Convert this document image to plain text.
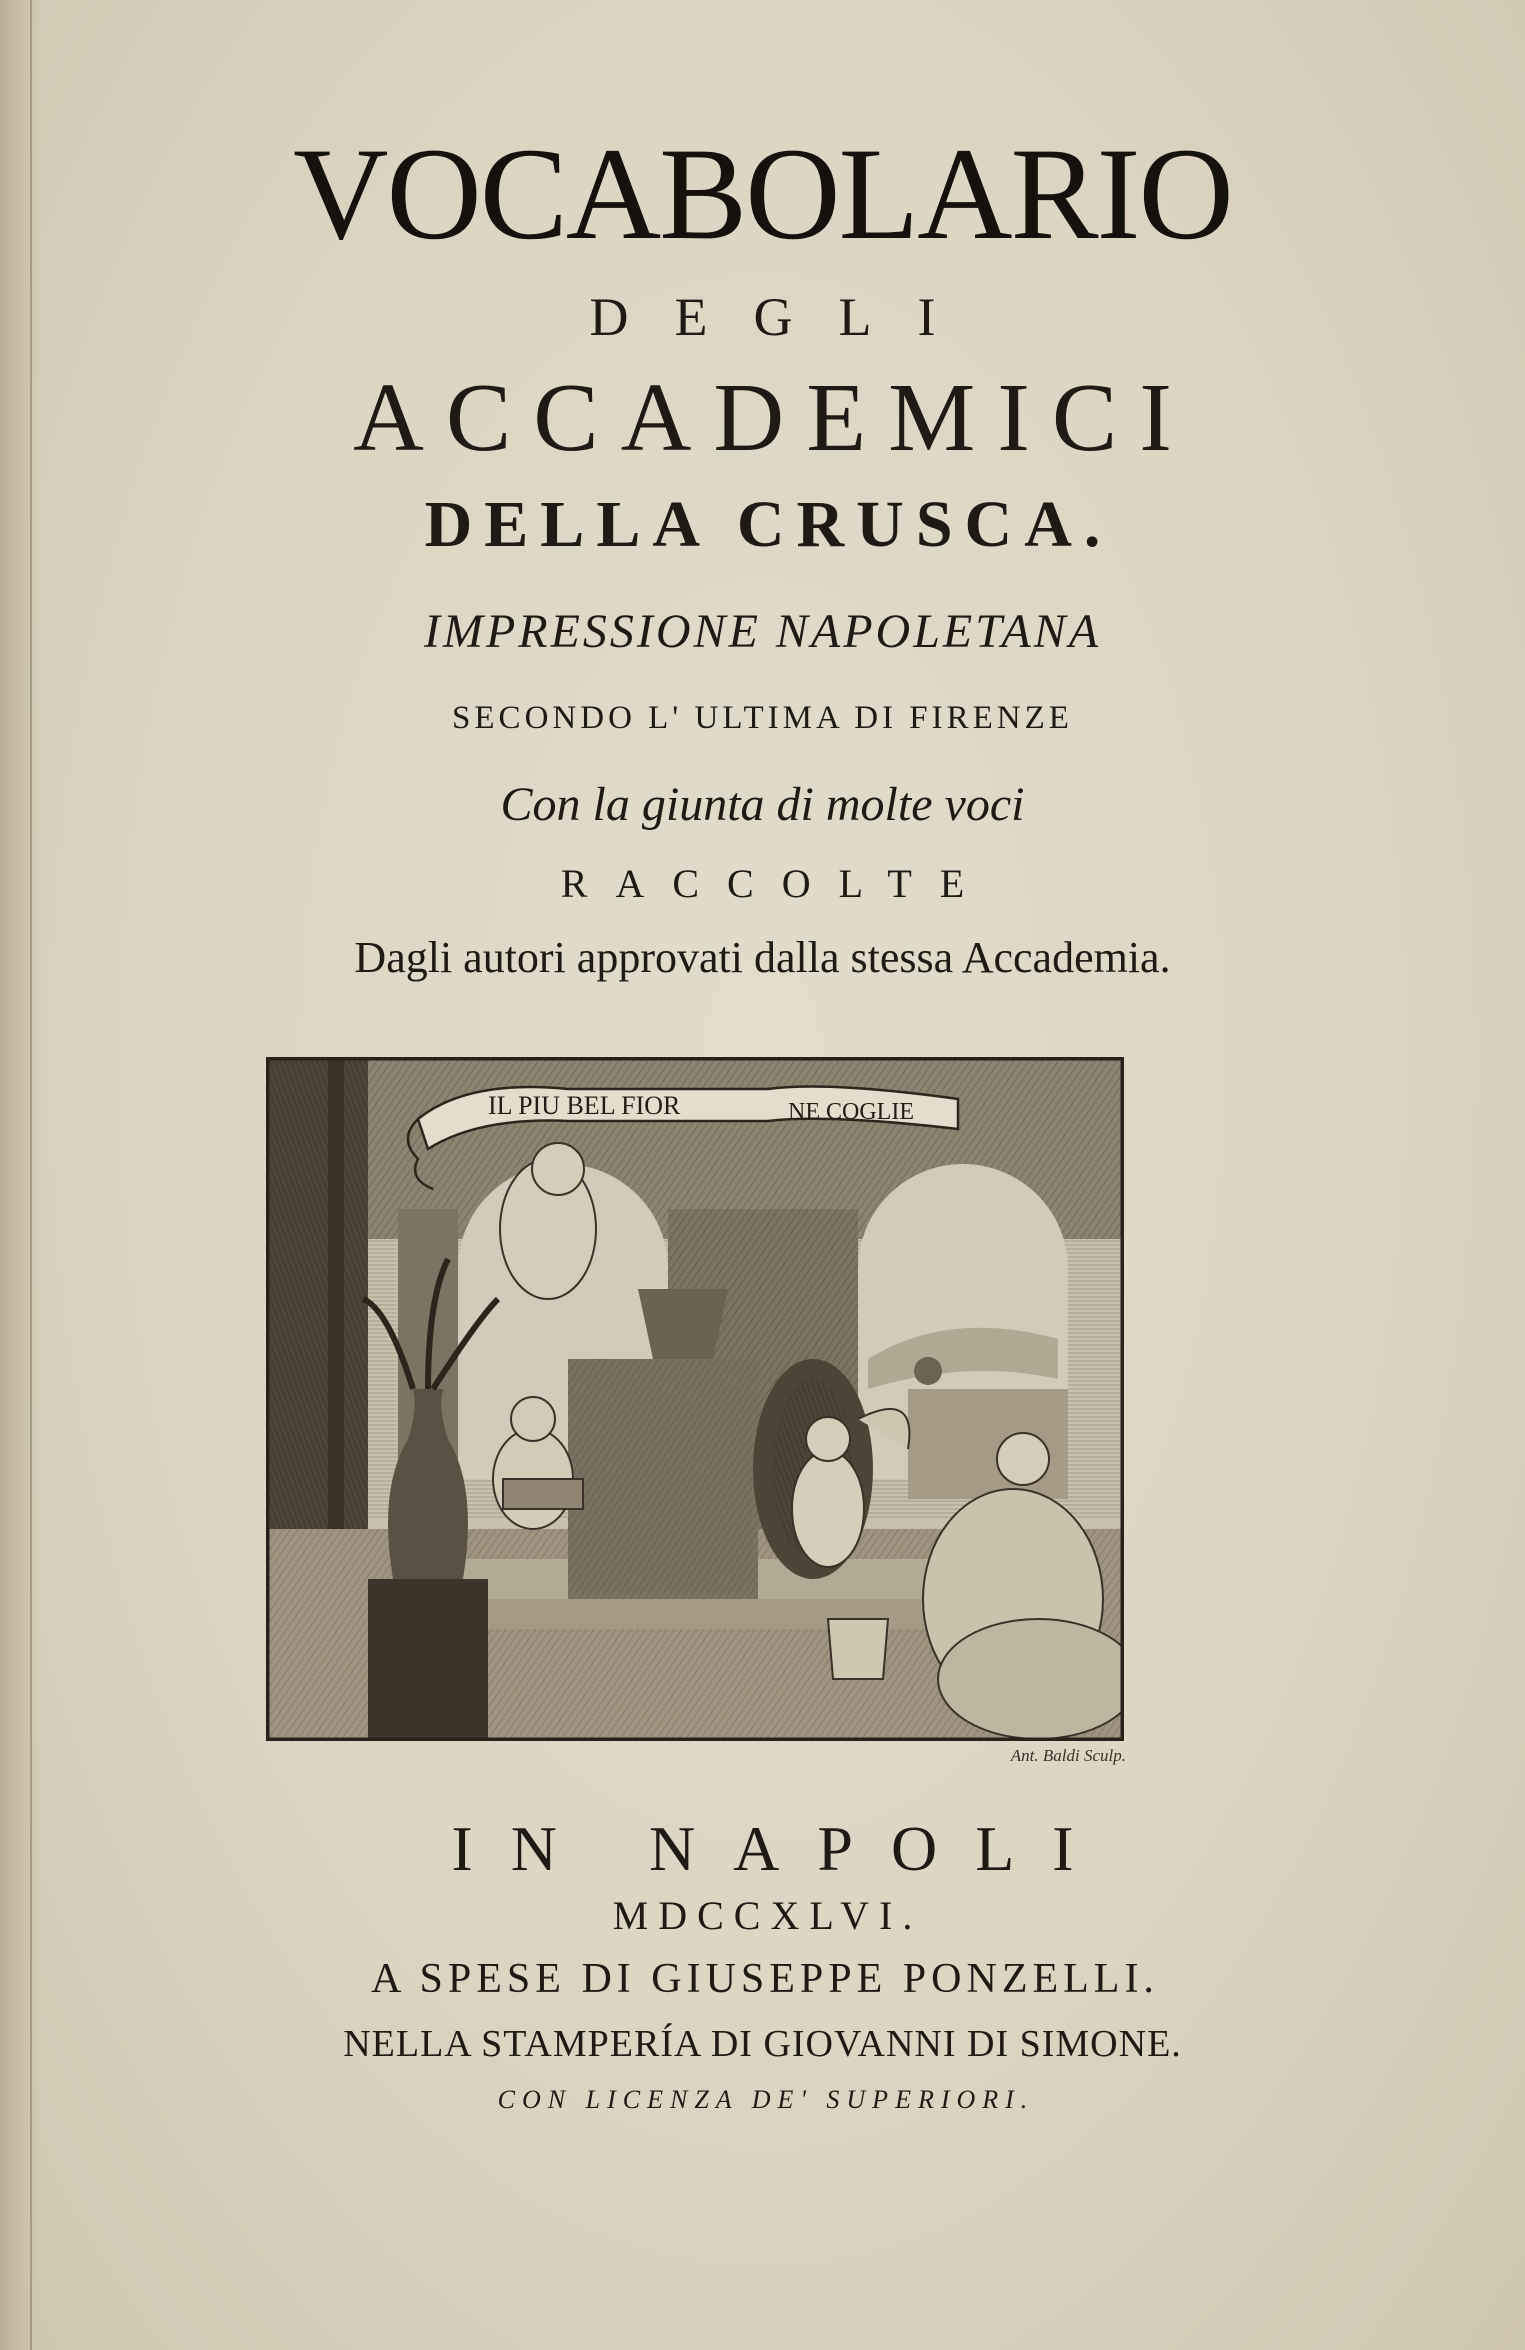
VOCABOLARIO
DEGLI
ACCADEMICI
DELLA CRUSCA.
IMPRESSIONE NAPOLETANA
SECONDO L' ULTIMA DI FIRENZE
Con la giunta di molte voci
RACCOLTE
Dagli autori approvati dalla stessa Accademia.
IL PIU BEL FIOR	NE COGLIE
Ant. Baldi Sculp.
IN NAPOLI
MDCCXLVI.
A SPESE DI GIUSEPPE PONZELLI.
NELLA STAMPERÍA DI GIOVANNI DI SIMONE.
CON LICENZA DE' SUPERIORI.
